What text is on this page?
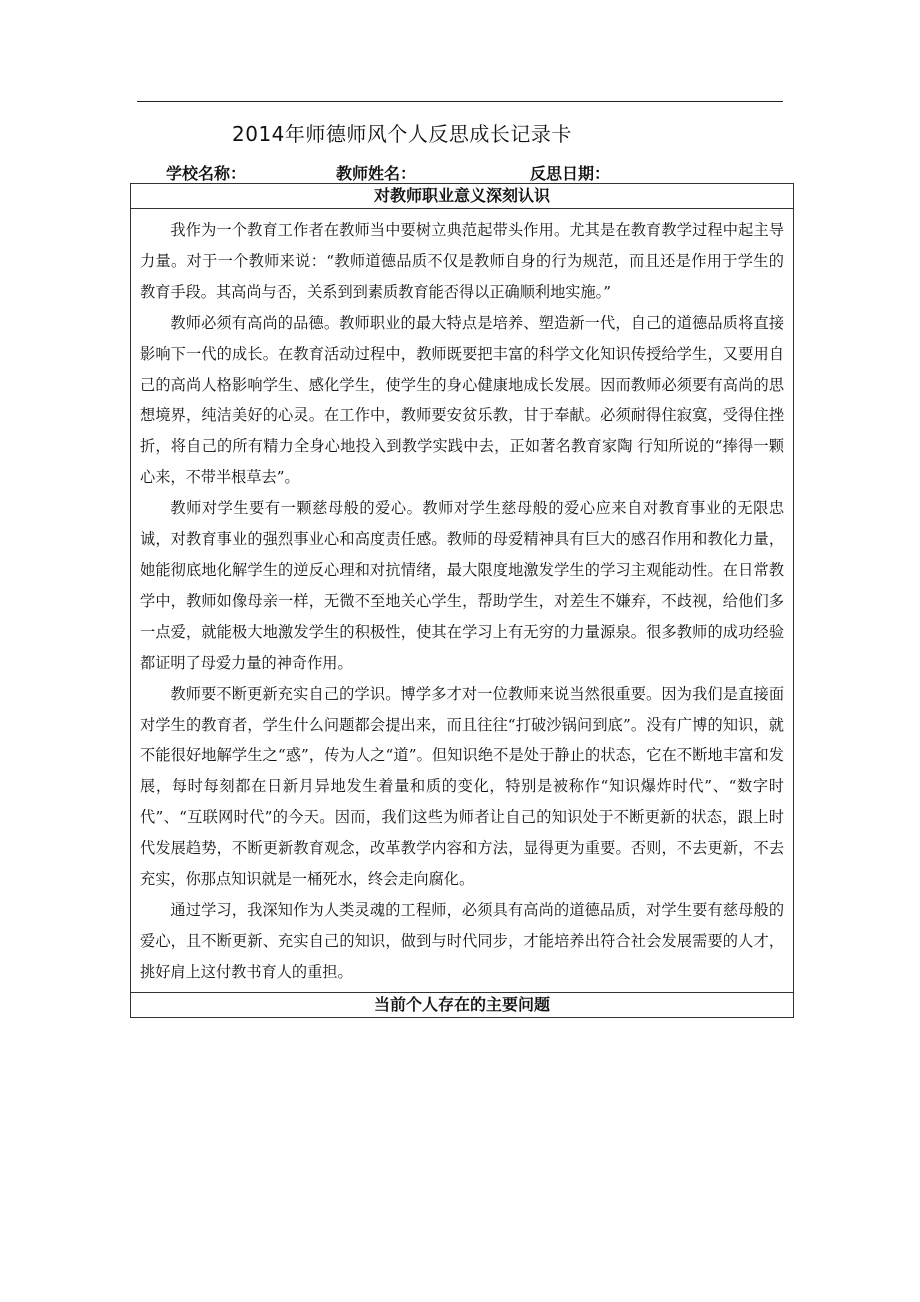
2014年师德师风个人反思成长记录卡
学校名称：	教师姓名：	反思日期：
对教师职业意义深刻认识

我作为一个教育工作者在教师当中要树立典范起带头作用。尤其是在教育教学过程中起主导力量。对于一个教师来说：“教师道德品质不仅是教师自身的行为规范，而且还是作用于学生的教育手段。其高尚与否，关系到到素质教育能否得以正确顺利地实施。”

教师必须有高尚的品德。教师职业的最大特点是培养、塑造新一代，自己的道德品质将直接影响下一代的成长。在教育活动过程中，教师既要把丰富的科学文化知识传授给学生，又要用自己的高尚人格影响学生、感化学生，使学生的身心健康地成长发展。因而教师必须要有高尚的思想境界，纯洁美好的心灵。在工作中，教师要安贫乐教，甘于奉献。必须耐得住寂寞，受得住挫折，将自己的所有精力全身心地投入到教学实践中去，正如著名教育家陶 行知所说的“捧得一颗心来，不带半根草去”。

教师对学生要有一颗慈母般的爱心。教师对学生慈母般的爱心应来自对教育事业的无限忠诚，对教育事业的强烈事业心和高度责任感。教师的母爱精神具有巨大的感召作用和教化力量，她能彻底地化解学生的逆反心理和对抗情绪，最大限度地激发学生的学习主观能动性。在日常教学中，教师如像母亲一样，无微不至地关心学生，帮助学生，对差生不嫌弃，不歧视，给他们多一点爱，就能极大地激发学生的积极性，使其在学习上有无穷的力量源泉。很多教师的成功经验都证明了母爱力量的神奇作用。

教师要不断更新充实自己的学识。博学多才对一位教师来说当然很重要。因为我们是直接面对学生的教育者，学生什么问题都会提出来，而且往往“打破沙锅问到底”。没有广博的知识，就不能很好地解学生之“惑”，传为人之“道”。但知识绝不是处于静止的状态，它在不断地丰富和发展，每时每刻都在日新月异地发生着量和质的变化，特别是被称作“知识爆炸时代”、“数字时代”、“互联网时代”的今天。因而，我们这些为师者让自己的知识处于不断更新的状态，跟上时代发展趋势，不断更新教育观念，改革教学内容和方法，显得更为重要。否则，不去更新，不去充实，你那点知识就是一桶死水，终会走向腐化。

通过学习，我深知作为人类灵魂的工程师，必须具有高尚的道德品质，对学生要有慈母般的爱心，且不断更新、充实自己的知识，做到与时代同步，才能培养出符合社会发展需要的人才，挑好肩上这付教书育人的重担。

当前个人存在的主要问题
